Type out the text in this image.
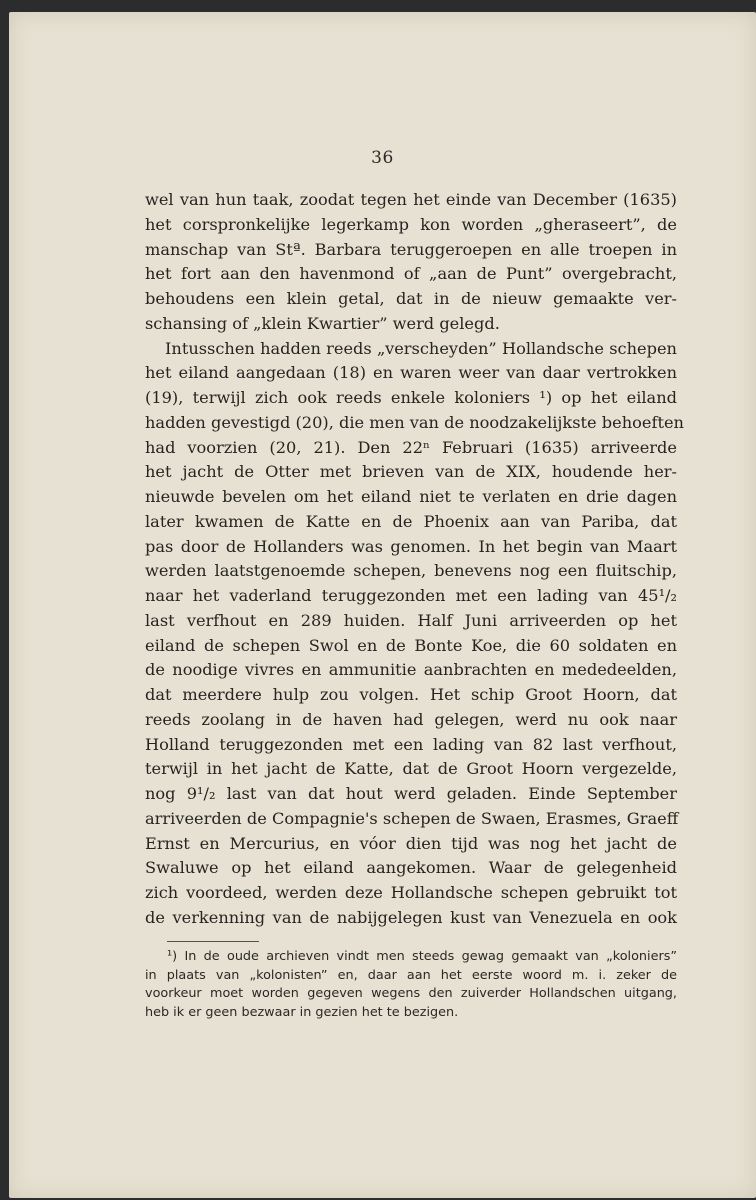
36

wel van hun taak, zoodat tegen het einde van December (1635)
het corspronkelijke legerkamp kon worden „gheraseert”, de
manschap van Stª. Barbara teruggeroepen en alle troepen in
het fort aan den havenmond of „aan de Punt” overgebracht,
behoudens een klein getal, dat in de nieuw gemaakte ver-
schansing of „klein Kwartier” werd gelegd.
Intusschen hadden reeds „verscheyden” Hollandsche schepen
het eiland aangedaan (18) en waren weer van daar vertrokken
(19), terwijl zich ook reeds enkele koloniers ¹) op het eiland
hadden gevestigd (20), die men van de noodzakelijkste behoeften
had voorzien (20, 21). Den 22ⁿ Februari (1635) arriveerde
het jacht de Otter met brieven van de XIX, houdende her-
nieuwde bevelen om het eiland niet te verlaten en drie dagen
later kwamen de Katte en de Phoenix aan van Pariba, dat
pas door de Hollanders was genomen. In het begin van Maart
werden laatstgenoemde schepen, benevens nog een fluitschip,
naar het vaderland teruggezonden met een lading van 45¹/₂
last verfhout en 289 huiden. Half Juni arriveerden op het
eiland de schepen Swol en de Bonte Koe, die 60 soldaten en
de noodige vivres en ammunitie aanbrachten en mededeelden,
dat meerdere hulp zou volgen. Het schip Groot Hoorn, dat
reeds zoolang in de haven had gelegen, werd nu ook naar
Holland teruggezonden met een lading van 82 last verfhout,
terwijl in het jacht de Katte, dat de Groot Hoorn vergezelde,
nog 9¹/₂ last van dat hout werd geladen. Einde September
arriveerden de Compagnie's schepen de Swaen, Erasmes, Graeff
Ernst en Mercurius, en vóor dien tijd was nog het jacht de
Swaluwe op het eiland aangekomen. Waar de gelegenheid
zich voordeed, werden deze Hollandsche schepen gebruikt tot
de verkenning van de nabijgelegen kust van Venezuela en ook
¹) In de oude archieven vindt men steeds gewag gemaakt van „koloniers”
in plaats van „kolonisten” en, daar aan het eerste woord m. i. zeker de
voorkeur moet worden gegeven wegens den zuiverder Hollandschen uitgang,
heb ik er geen bezwaar in gezien het te bezigen.
